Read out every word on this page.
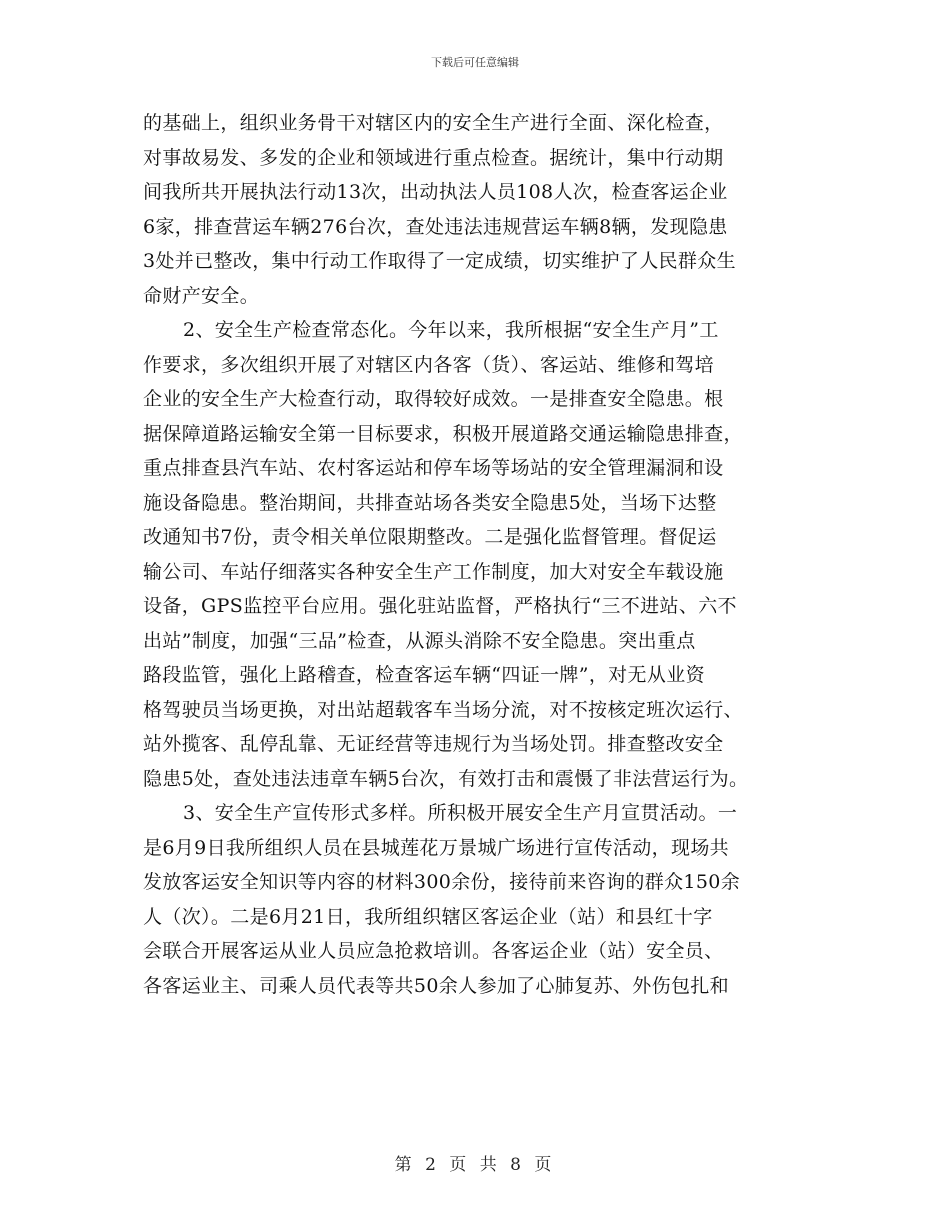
下载后可任意编辑
的基础上，组织业务骨干对辖区内的安全生产进行全面、深化检查，
对事故易发、多发的企业和领域进行重点检查。据统计，集中行动期
间我所共开展执法行动13次，出动执法人员108人次，检查客运企业
6家，排查营运车辆276台次，查处违法违规营运车辆8辆，发现隐患
3处并已整改，集中行动工作取得了一定成绩，切实维护了人民群众生
命财产安全。
2、安全生产检查常态化。今年以来，我所根据“安全生产月”工
作要求，多次组织开展了对辖区内各客（货）、客运站、维修和驾培
企业的安全生产大检查行动，取得较好成效。一是排查安全隐患。根
据保障道路运输安全第一目标要求，积极开展道路交通运输隐患排查，
重点排查县汽车站、农村客运站和停车场等场站的安全管理漏洞和设
施设备隐患。整治期间，共排查站场各类安全隐患5处，当场下达整
改通知书7份，责令相关单位限期整改。二是强化监督管理。督促运
输公司、车站仔细落实各种安全生产工作制度，加大对安全车载设施
设备，GPS监控平台应用。强化驻站监督，严格执行“三不进站、六不
出站”制度，加强“三品”检查，从源头消除不安全隐患。突出重点
路段监管，强化上路稽查，检查客运车辆“四证一牌”，对无从业资
格驾驶员当场更换，对出站超载客车当场分流，对不按核定班次运行、
站外揽客、乱停乱靠、无证经营等违规行为当场处罚。排查整改安全
隐患5处，查处违法违章车辆5台次，有效打击和震慑了非法营运行为。
3、安全生产宣传形式多样。所积极开展安全生产月宣贯活动。一
是6月9日我所组织人员在县城莲花万景城广场进行宣传活动，现场共
发放客运安全知识等内容的材料300余份，接待前来咨询的群众150余
人（次）。二是6月21日，我所组织辖区客运企业（站）和县红十字
会联合开展客运从业人员应急抢救培训。各客运企业（站）安全员、
各客运业主、司乘人员代表等共50余人参加了心肺复苏、外伤包扎和
第 2 页 共 8 页
